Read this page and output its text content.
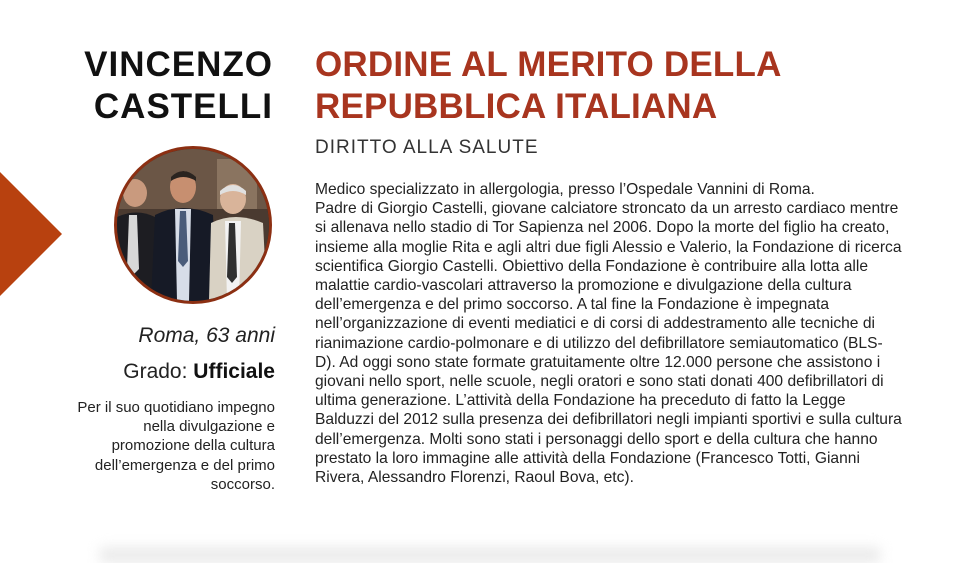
VINCENZO
CASTELLI
Roma, 63 anni
Grado: Ufficiale
Per il suo quotidiano impegno
nella divulgazione e
promozione della cultura
dell’emergenza e del primo
soccorso.
ORDINE AL MERITO DELLA
REPUBBLICA ITALIANA
DIRITTO ALLA SALUTE
Medico specializzato in allergologia, presso l’Ospedale Vannini di Roma.
Padre di Giorgio Castelli, giovane calciatore stroncato da un arresto cardiaco mentre
si allenava nello stadio di Tor Sapienza nel 2006. Dopo la morte del figlio ha creato,
insieme alla moglie Rita e agli altri due figli Alessio e Valerio, la Fondazione di ricerca
scientifica Giorgio Castelli. Obiettivo della Fondazione è contribuire alla lotta alle
malattie cardio-vascolari attraverso la promozione e divulgazione della cultura
dell’emergenza e del primo soccorso. A tal fine la Fondazione è impegnata
nell’organizzazione di eventi mediatici e di corsi di addestramento alle tecniche di
rianimazione cardio-polmonare e di utilizzo del defibrillatore semiautomatico (BLS-
D). Ad oggi sono state formate gratuitamente oltre 12.000 persone che assistono i
giovani nello sport, nelle scuole, negli oratori e sono stati donati 400 defibrillatori di
ultima generazione. L’attività della Fondazione ha preceduto di fatto la Legge
Balduzzi del 2012 sulla presenza dei defibrillatori negli impianti sportivi e sulla cultura
dell’emergenza. Molti sono stati i personaggi dello sport e della cultura che hanno
prestato la loro immagine alle attività della Fondazione (Francesco Totti, Gianni
Rivera, Alessandro Florenzi, Raoul Bova, etc).
